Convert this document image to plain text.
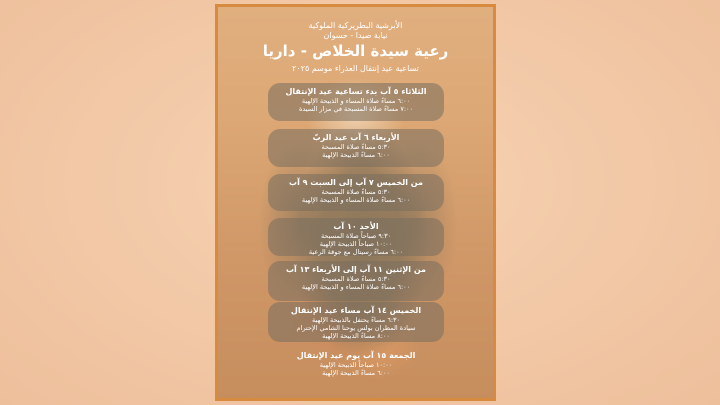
الأبرشية البطريركية الملوكية
نيابة صيدا - حسوان
رعية سيدة الخلاص - داريا
تساعية عيد إنتقال العذراء موسم ٢٠٢٥
الثلاثاء ٥ آب بدء تساعية عيد الإنتقال
٦:٠٠ مساءً صلاة المساء و الذبيحة الإلهية
٧:٠٠ مساءً صلاة المسبحة في مزار السيدة
الأربعاء ٦ آب عيد الربّ
٥:٣٠ مساءً صلاة المسبحة
٦:٠٠ مساءً الذبيحة الإلهية
من الخميس ٧ آب إلى السبت ٩ آب
٥:٣٠ مساءً صلاة المسبحة
٦:٠٠ مساءً صلاة المساء و الذبيحة الإلهية
الأحد ١٠ آب
٩:٣٠ صباحاً صلاة المسبحة
١٠:٠٠ صباحاً الذبيحة الإلهية
٦:٠٠ مساءً رسيتال مع جوقة الرعية
من الإثنين ١١ آب إلى الأربعاء ١٣ آب
٥:٣٠ مساءً صلاة المسبحة
٦:٠٠ مساءً صلاة المساء و الذبيحة الإلهية
الخميس ١٤ آب مساء عيد الإنتقال
٦:٣٠ مساءً يحتفل بالذبيحة الإلهية
سيادة المطران بولس يوحنا الشامي الإحترام
٨:٠٠ مساءً الذبيحة الإلهية
الجمعة ١٥ آب يوم عيد الإنتقال
١٠:٠٠ صباحاً الذبيحة الإلهية
٦:٠٠ مساءً الذبيحة الإلهية
